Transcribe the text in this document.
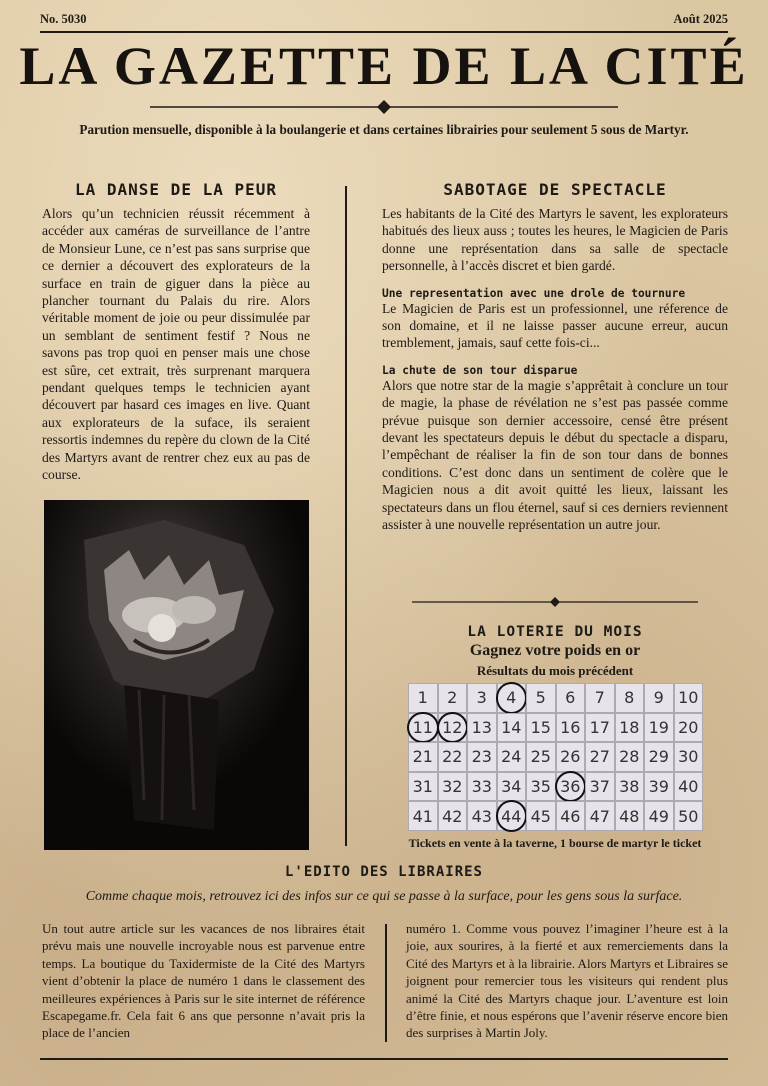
No. 5030	Août 2025
LA GAZETTE DE LA CITÉ
Parution mensuelle, disponible à la boulangerie et dans certaines librairies pour seulement 5 sous de Martyr.
LA DANSE DE LA PEUR

Alors qu’un technicien réussit récemment à accéder aux caméras de surveillance de l’antre de Monsieur Lune, ce n’est pas sans surprise que ce dernier a découvert des explorateurs de la surface en train de giguer dans la pièce au plancher tournant du Palais du rire. Alors véritable moment de joie ou peur dissimulée par un semblant de sentiment festif ? Nous ne savons pas trop quoi en penser mais une chose est sûre, cet extrait, très surprenant marquera pendant quelques temps le technicien ayant découvert par hasard ces images en live. Quant aux explorateurs de la suface, ils seraient ressortis indemnes du repère du clown de la Cité des Martyrs avant de rentrer chez eux au pas de course.

SABOTAGE DE SPECTACLE

Les habitants de la Cité des Martyrs le savent, les explorateurs habitués des lieux auss ; toutes les heures, le Magicien de Paris donne une représentation dans sa salle de spectacle personnelle, à l’accès discret et bien gardé.

Une representation avec une drole de tournure

Le Magicien de Paris est un professionnel, une réference de son domaine, et il ne laisse passer aucune erreur, aucun tremblement, jamais, sauf cette fois-ci...

La chute de son tour disparue

Alors que notre star de la magie s’apprêtait à conclure un tour de magie, la phase de révélation ne s’est pas passée comme prévue puisque son dernier accessoire, censé être présent devant les spectateurs depuis le début du spectacle a disparu, l’empêchant de réaliser la fin de son tour dans de bonnes conditions. C’est donc dans un sentiment de colère que le Magicien nous a dit avoit quitté les lieux, laissant les spectateurs dans un flou éternel, sauf si ces derniers reviennent assister à une nouvelle représentation un autre jour.

LA LOTERIE DU MOIS
Gagnez votre poids en or
Résultats du mois précédent
1	2	3	4	5	6	7	8	9 10
11 12 13 14 15 16 17 18 19 20
21 22 23 24 25 26 27 28 29 30
31 32 33 34 35 36 37 38 39 40
41 42 43 44 45 46 47 48 49 50
Tickets en vente à la taverne, 1 bourse de martyr le ticket
L'EDITO DES LIBRAIRES
Comme chaque mois, retrouvez ici des infos sur ce qui se passe à la surface, pour les gens sous la surface.

Un tout autre article sur les vacances de nos libraires était prévu mais une nouvelle incroyable nous est parvenue entre temps. La boutique du Taxidermiste de la Cité des Martyrs vient d’obtenir la place de numéro 1 dans le classement des meilleures expériences à Paris sur le site internet de référence Escapegame.fr. Cela fait 6 ans que personne n’avait pris la place de l’ancien

numéro 1. Comme vous pouvez l’imaginer l’heure est à la joie, aux sourires, à la fierté et aux remerciements dans la Cité des Martyrs et à la librairie. Alors Martyrs et Libraires se joignent pour remercier tous les visiteurs qui rendent plus animé la Cité des Martyrs chaque jour. L’aventure est loin d’être finie, et nous espérons que l’avenir réserve encore bien des surprises à Martin Joly.
